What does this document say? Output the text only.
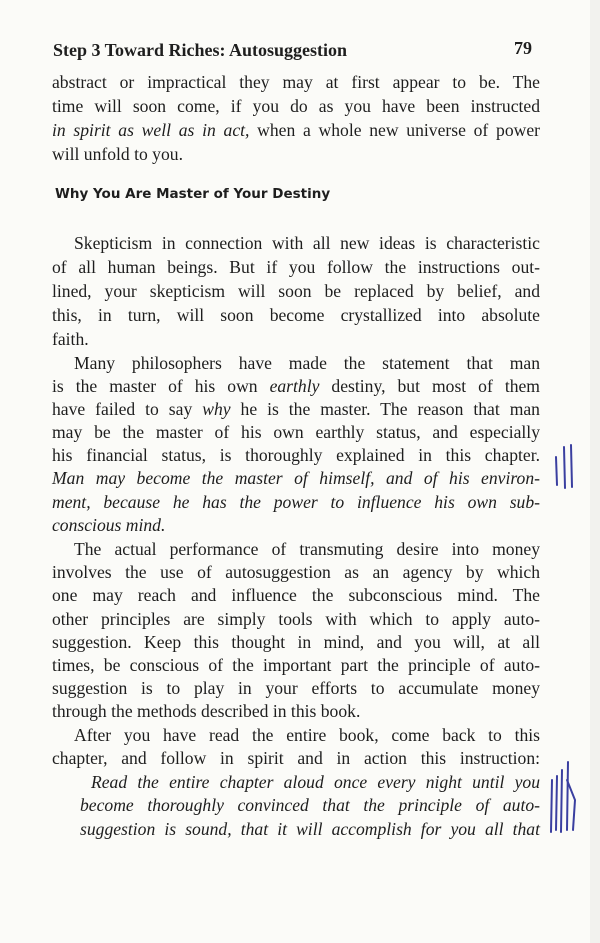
Step 3 Toward Riches: Autosuggestion	79
Why You Are Master of Your Destiny
abstract or impractical they may at first appear to be. The
time will soon come, if you do as you have been instructed
in spirit as well as in act, when a whole new universe of power
will unfold to you.
Skepticism in connection with all new ideas is characteristic
of all human beings. But if you follow the instructions out-
lined, your skepticism will soon be replaced by belief, and
this, in turn, will soon become crystallized into absolute
faith.
Many philosophers have made the statement that man
is the master of his own earthly destiny, but most of them
have failed to say why he is the master. The reason that man
may be the master of his own earthly status, and especially
his financial status, is thoroughly explained in this chapter.
Man may become the master of himself, and of his environ-
ment, because he has the power to influence his own sub-
conscious mind.
The actual performance of transmuting desire into money
involves the use of autosuggestion as an agency by which
one may reach and influence the subconscious mind. The
other principles are simply tools with which to apply auto-
suggestion. Keep this thought in mind, and you will, at all
times, be conscious of the important part the principle of auto-
suggestion is to play in your efforts to accumulate money
through the methods described in this book.
After you have read the entire book, come back to this
chapter, and follow in spirit and in action this instruction:
Read the entire chapter aloud once every night until you
become thoroughly convinced that the principle of auto-
suggestion is sound, that it will accomplish for you all that
